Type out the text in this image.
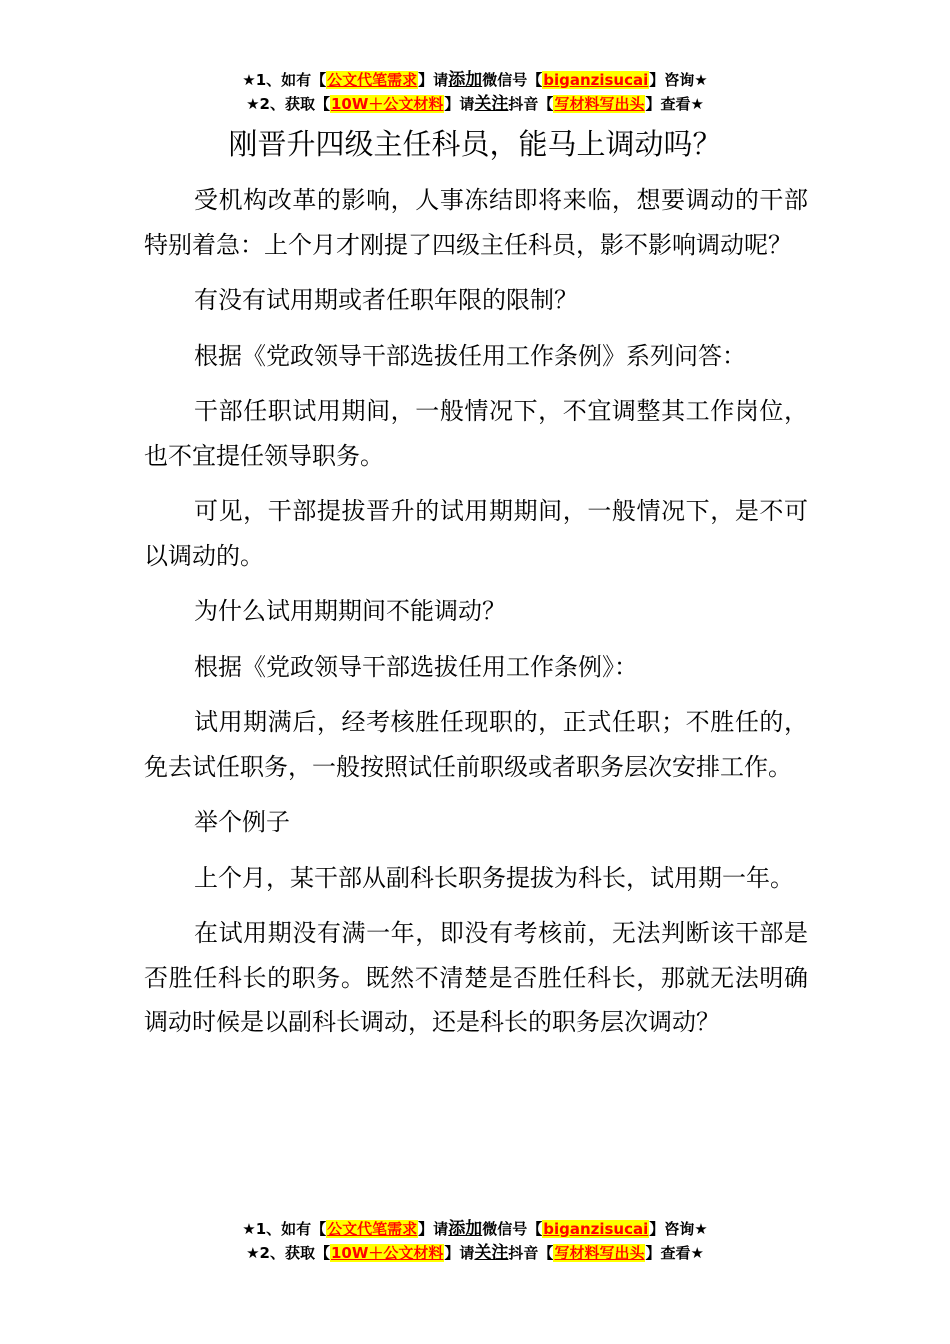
★1、如有【公文代笔需求】请添加微信号【biganzisucai】咨询★
★2、获取【10W＋公文材料】请关注抖音【写材料写出头】查看★
刚晋升四级主任科员，能马上调动吗？

受机构改革的影响，人事冻结即将来临，想要调动的干部特别着急：上个月才刚提了四级主任科员，影不影响调动呢？

有没有试用期或者任职年限的限制？

根据《党政领导干部选拔任用工作条例》系列问答：

干部任职试用期间，一般情况下，不宜调整其工作岗位，也不宜提任领导职务。

可见，干部提拔晋升的试用期期间，一般情况下，是不可以调动的。

为什么试用期期间不能调动？

根据《党政领导干部选拔任用工作条例》：

试用期满后，经考核胜任现职的，正式任职；不胜任的，免去试任职务，一般按照试任前职级或者职务层次安排工作。

举个例子

上个月，某干部从副科长职务提拔为科长，试用期一年。

在试用期没有满一年，即没有考核前，无法判断该干部是否胜任科长的职务。既然不清楚是否胜任科长，那就无法明确调动时候是以副科长调动，还是科长的职务层次调动？

★1、如有【公文代笔需求】请添加微信号【biganzisucai】咨询★
★2、获取【10W＋公文材料】请关注抖音【写材料写出头】查看★
